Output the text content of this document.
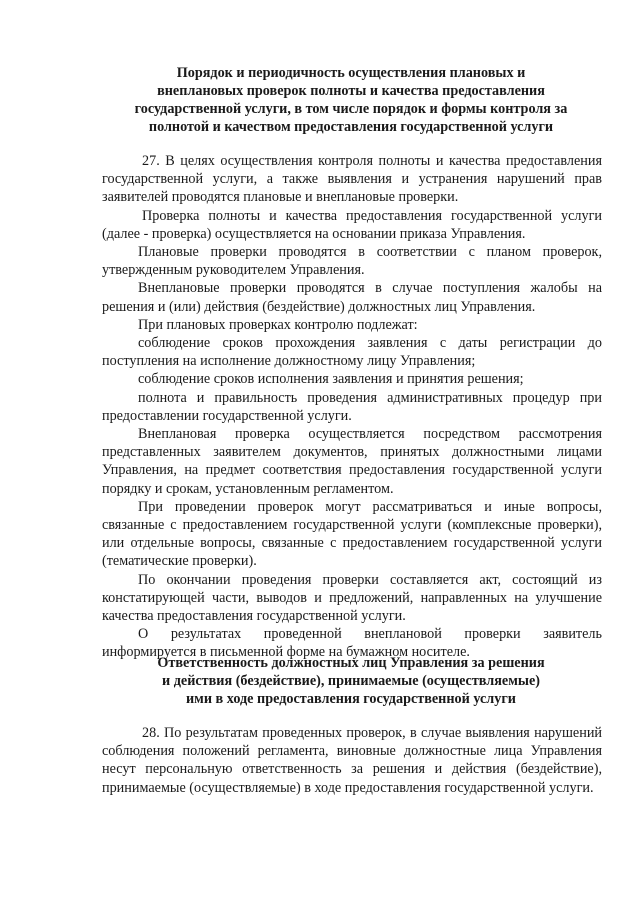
Порядок и периодичность осуществления плановых и
внеплановых проверок полноты и качества предоставления
государственной услуги, в том числе порядок и формы контроля за
полнотой и качеством предоставления государственной услуги

27. В целях осуществления контроля полноты и качества предоставления государственной услуги, а также выявления и устранения нарушений прав заявителей проводятся плановые и внеплановые проверки.

Проверка полноты и качества предоставления государственной услуги (далее - проверка) осуществляется на основании приказа Управления.

Плановые проверки проводятся в соответствии с планом проверок, утвержденным руководителем Управления.

Внеплановые проверки проводятся в случае поступления жалобы на решения и (или) действия (бездействие) должностных лиц Управления.

При плановых проверках контролю подлежат:

соблюдение сроков прохождения заявления с даты регистрации до поступления на исполнение должностному лицу Управления;

соблюдение сроков исполнения заявления и принятия решения;

полнота и правильность проведения административных процедур при предоставлении государственной услуги.

Внеплановая проверка осуществляется посредством рассмотрения представленных заявителем документов, принятых должностными лицами Управления, на предмет соответствия предоставления государственной услуги порядку и срокам, установленным регламентом.

При проведении проверок могут рассматриваться и иные вопросы, связанные с предоставлением государственной услуги (комплексные проверки), или отдельные вопросы, связанные с предоставлением государственной услуги (тематические проверки).

По окончании проведения проверки составляется акт, состоящий из констатирующей части, выводов и предложений, направленных на улучшение качества предоставления государственной услуги.

О результатах проведенной внеплановой проверки заявитель информируется в письменной форме на бумажном носителе.

Ответственность должностных лиц Управления за решения
и действия (бездействие), принимаемые (осуществляемые)
ими в ходе предоставления государственной услуги

28. По результатам проведенных проверок, в случае выявления нарушений соблюдения положений регламента, виновные должностные лица Управления несут персональную ответственность за решения и действия (бездействие), принимаемые (осуществляемые) в ходе предоставления государственной услуги.
